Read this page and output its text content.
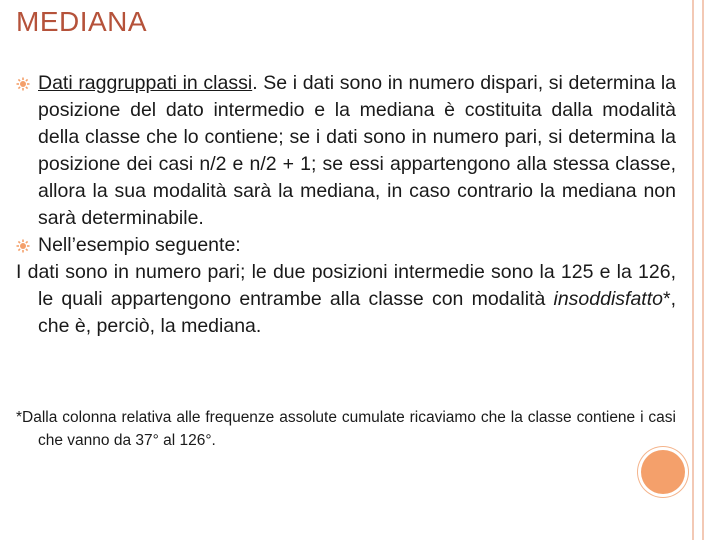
MEDIANA

Dati raggruppati in classi. Se i dati sono in numero dispari, si determina la posizione del dato intermedio e la mediana è costituita dalla modalità della classe che lo contiene; se i dati sono in numero pari, si determina la posizione dei casi n/2 e n/2 + 1; se essi appartengono alla stessa classe, allora la sua modalità sarà la mediana, in caso contrario la mediana non sarà determinabile.

Nell’esempio seguente:

I dati sono in numero pari; le due posizioni intermedie sono la 125 e la 126, le quali appartengono entrambe alla classe con modalità insoddisfatto*, che è, perciò, la mediana.

*Dalla colonna relativa alle frequenze assolute cumulate ricaviamo che la classe contiene i casi che vanno da 37° al 126°.
